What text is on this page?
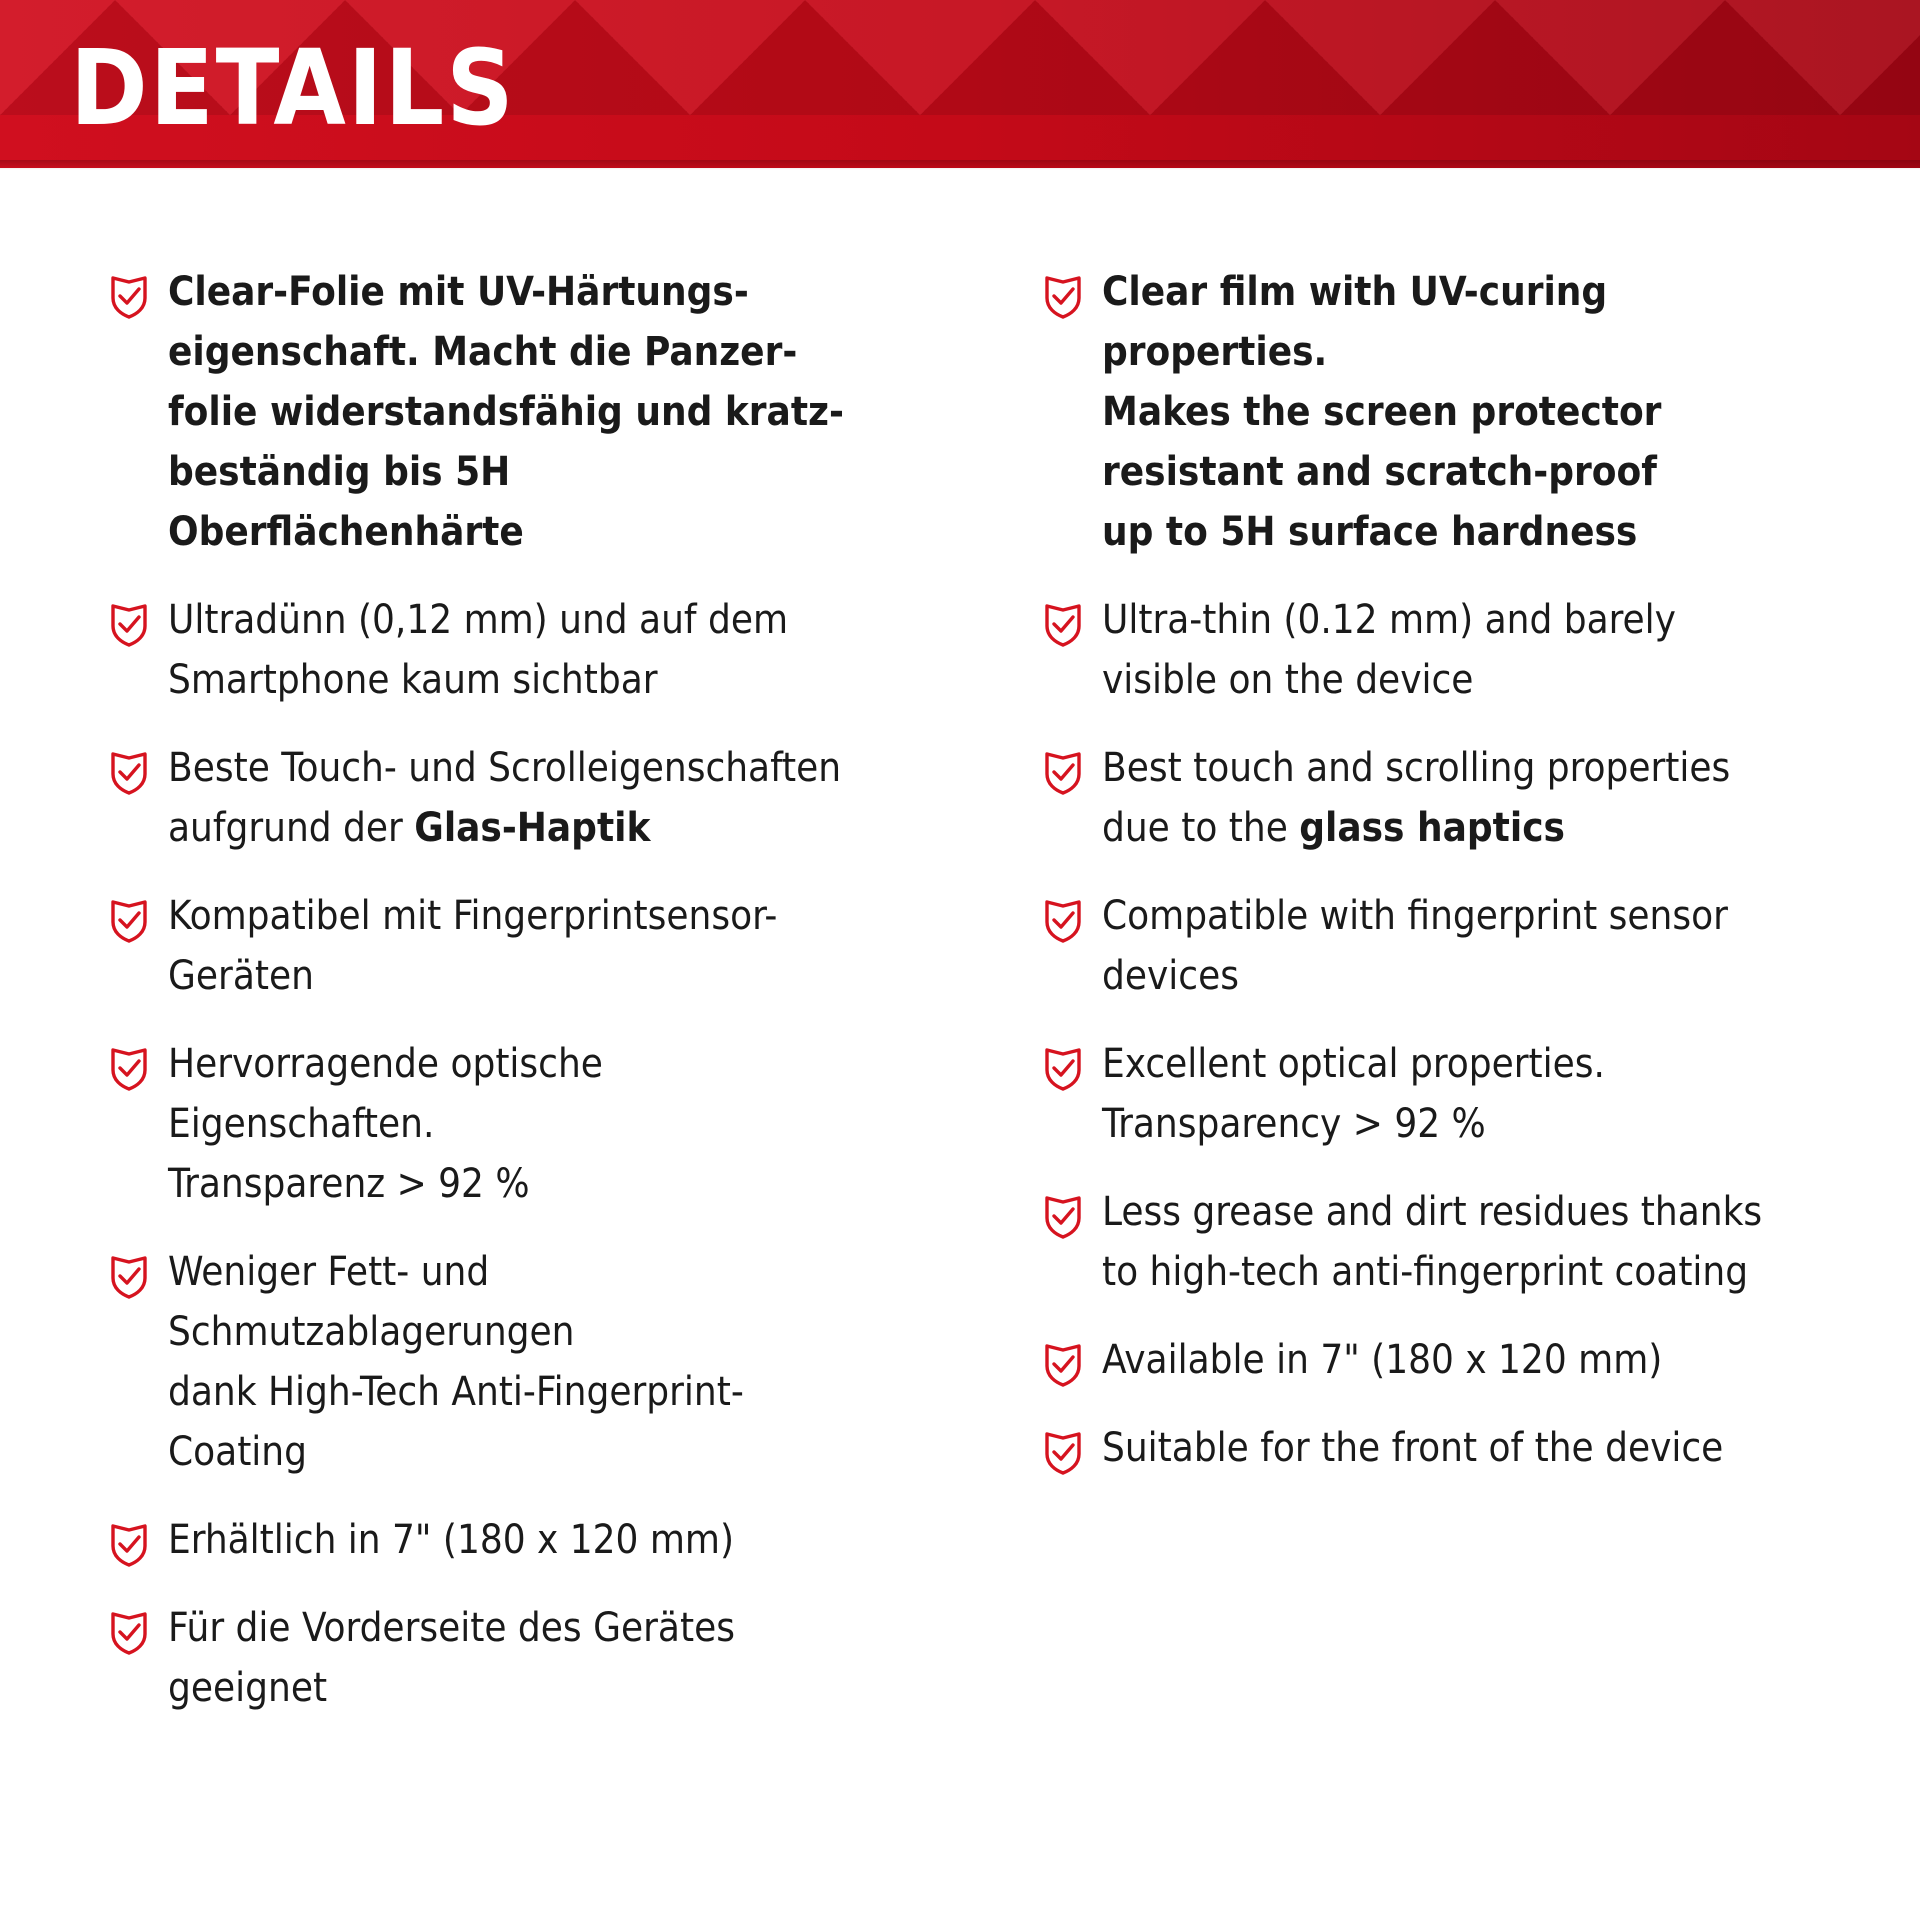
DETAILS
Clear-Folie mit UV-Härtungs-
eigenschaft. Macht die Panzer-
folie widerstandsfähig und kratz-
beständig bis 5H Oberflächenhärte
Ultradünn (0,12 mm) und auf dem
Smartphone kaum sichtbar
Beste Touch- und Scrolleigenschaften
aufgrund der Glas-Haptik
Kompatibel mit Fingerprintsensor-
Geräten
Hervorragende optische Eigenschaften.
Transparenz > 92 %
Weniger Fett- und Schmutzablagerungen
dank High-Tech Anti-Fingerprint-
Coating
Erhältlich in 7" (180 x 120 mm)
Für die Vorderseite des Gerätes
geeignet
Clear film with UV-curing properties.
Makes the screen protector
resistant and scratch-proof
up to 5H surface hardness
Ultra-thin (0.12 mm) and barely
visible on the device
Best touch and scrolling properties
due to the glass haptics
Compatible with fingerprint sensor
devices
Excellent optical properties.
Transparency > 92 %
Less grease and dirt residues thanks
to high-tech anti-fingerprint coating
Available in 7" (180 x 120 mm)
Suitable for the front of the device
